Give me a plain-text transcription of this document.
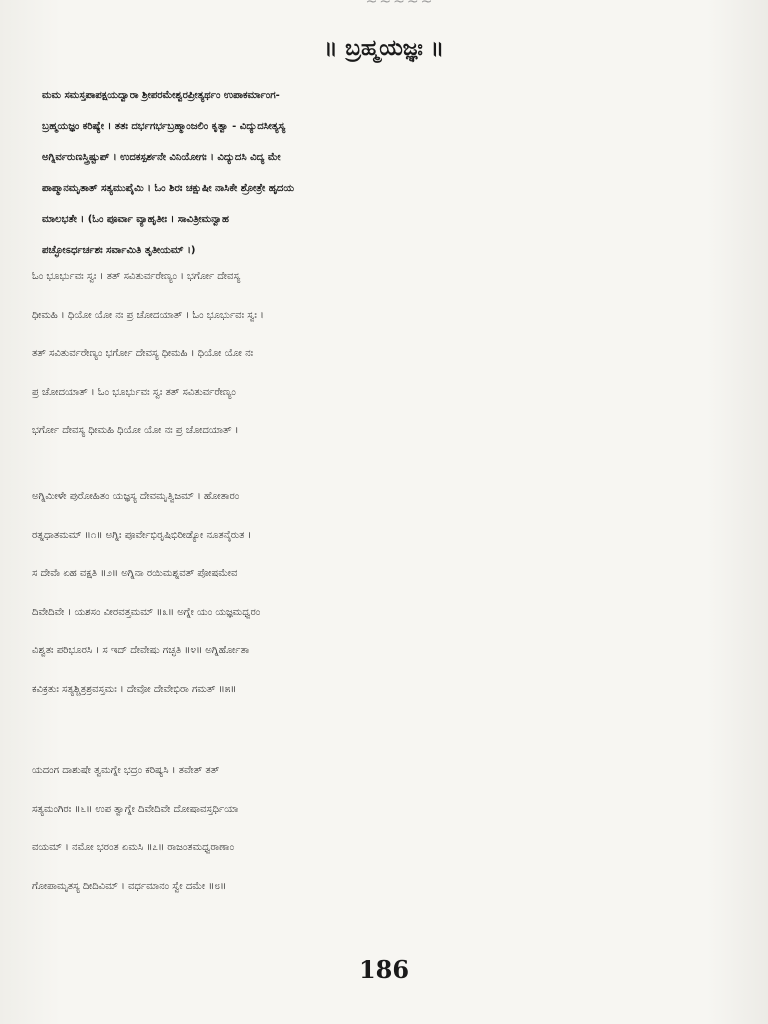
॥ ಬ್ರಹ್ಮಯಜ್ಞಃ ॥
ಮಮ ಸಮಸ್ತಪಾಪಕ್ಷಯದ್ವಾರಾ ಶ್ರೀಪರಮೇಶ್ವರಪ್ರೀತ್ಯರ್ಥಂ ಉಪಾಕರ್ಮಾಂಗ-
ಬ್ರಹ್ಮಯಜ್ಞಂ ಕರಿಷ್ಯೇ । ತತಃ ದರ್ಭಗರ್ಭಬ್ರಹ್ಮಾಂಜಲಿಂ ಕೃತ್ವಾ - ವಿದ್ಯುದಸೀತ್ಯಸ್ಯ
ಅಗ್ನಿರ್ವರುಣಸ್ತ್ರಿಷ್ಟುಪ್ । ಉದಕಸ್ಪರ್ಶನೇ ವಿನಿಯೋಗಃ । ವಿದ್ಯುದಸಿ ವಿದ್ಯ ಮೇ
ಪಾಪ್ಮಾನಮೃತಾತ್ ಸತ್ಯಮುಪೈಮಿ । ಓಂ ಶಿರಃ ಚಕ್ಷುಷೀ ನಾಸಿಕೇ ಶ್ರೋತ್ರೇ ಹೃದಯ
ಮಾಲಭತೇ । (ಓಂ ಪೂರ್ವಾ ವ್ಯಾಹೃತೀಃ । ಸಾವಿತ್ರೀಮನ್ವಾಹ
ಪಚ್ಛೋಽರ್ಧರ್ಚಶಃ ಸರ್ವಾಮಿತಿ ತೃತೀಯಮ್ ।)
ಓಂ ಭೂರ್ಭುವಃ ಸ್ವಃ । ತತ್ ಸವಿತುರ್ವರೇಣ್ಯಂ । ಭರ್ಗೋ ದೇವಸ್ಯ
ಧೀಮಹಿ । ಧಿಯೋ ಯೋ ನಃ ಪ್ರ ಚೋದಯಾತ್ । ಓಂ ಭೂರ್ಭುವಃ ಸ್ವಃ ।
ತತ್ ಸವಿತುರ್ವರೇಣ್ಯಂ ಭರ್ಗೋ ದೇವಸ್ಯ ಧೀಮಹಿ । ಧಿಯೋ ಯೋ ನಃ
ಪ್ರ ಚೋದಯಾತ್ । ಓಂ ಭೂರ್ಭುವಃ ಸ್ವಃ ತತ್ ಸವಿತುರ್ವರೇಣ್ಯಂ
ಭರ್ಗೋ ದೇವಸ್ಯ ಧೀಮಹಿ ಧಿಯೋ ಯೋ ನಃ ಪ್ರ ಚೋದಯಾತ್ ।
ಅಗ್ನಿಮೀಳೇ ಪುರೋಹಿತಂ ಯಜ್ಞಸ್ಯ ದೇವಮೃತ್ವಿಜಮ್ । ಹೋತಾರಂ
ರತ್ನಧಾತಮಮ್ ॥೧॥ ಅಗ್ನಿಃ ಪೂರ್ವೇಭಿರೃಷಿಭಿರೀಡ್ಯೋ ನೂತನೈರುತ ।
ಸ ದೇವಾಁ ಏಹ ವಕ್ಷತಿ ॥೨॥ ಅಗ್ನಿನಾ ರಯಿಮಶ್ನವತ್ ಪೋಷಮೇವ
ದಿವೇದಿವೇ । ಯಶಸಂ ವೀರವತ್ತಮಮ್ ॥೩॥ ಅಗ್ನೇ ಯಂ ಯಜ್ಞಮಧ್ವರಂ
ವಿಶ್ವತಃ ಪರಿಭೂರಸಿ । ಸ ಇದ್ ದೇವೇಷು ಗಚ್ಛತಿ ॥೪॥ ಅಗ್ನಿರ್ಹೋತಾ
ಕವಿಕ್ರತುಃ ಸತ್ಯಶ್ಚಿತ್ರಶ್ರವಸ್ತಮಃ । ದೇವೋ ದೇವೇಭಿರಾ ಗಮತ್ ॥೫॥
ಯದಂಗ ದಾಶುಷೇ ತ್ವಮಗ್ನೇ ಭದ್ರಂ ಕರಿಷ್ಯಸಿ । ತವೇತ್ ತತ್
ಸತ್ಯಮಂಗಿರಃ ॥೬॥ ಉಪ ತ್ವಾಗ್ನೇ ದಿವೇದಿವೇ ದೋಷಾವಸ್ತರ್ಧಿಯಾ
ವಯಮ್ । ನಮೋ ಭರಂತ ಏಮಸಿ ॥೭॥ ರಾಜಂತಮಧ್ವರಾಣಾಂ
ಗೋಪಾಮೃತಸ್ಯ ದೀದಿವಿಮ್ । ವರ್ಧಮಾನಂ ಸ್ವೇ ದಮೇ ॥೮॥
186
